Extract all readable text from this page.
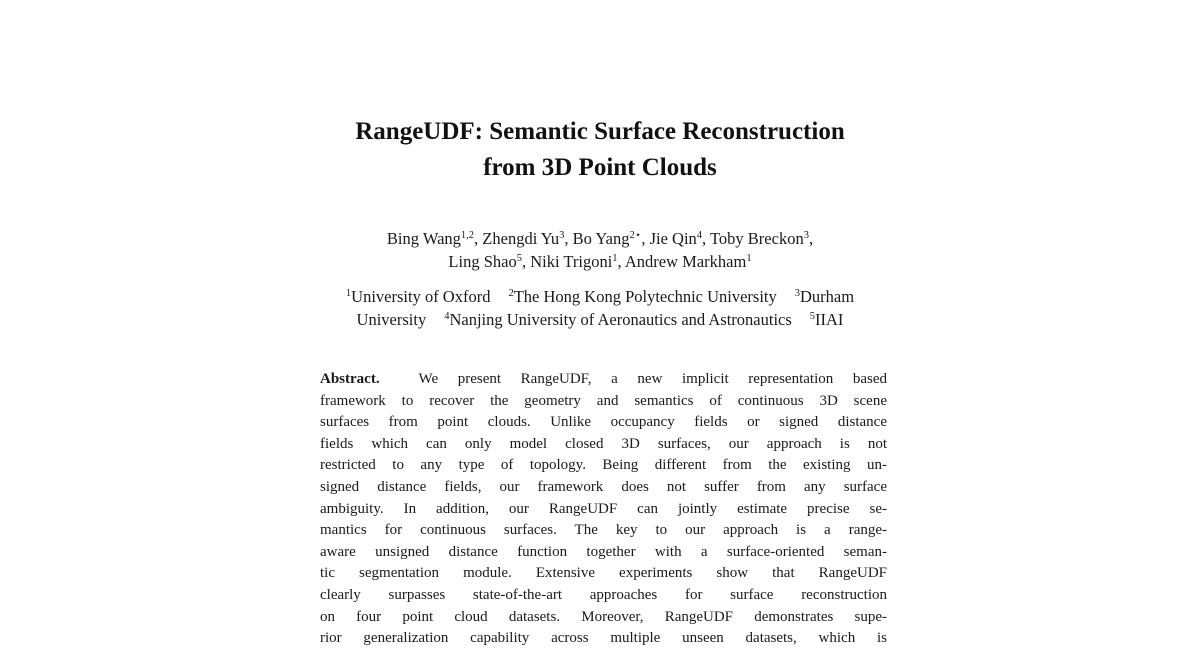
RangeUDF: Semantic Surface Reconstruction
from 3D Point Clouds
Bing Wang$^{1,2}$, Zhengdi Yu$^3$, Bo Yang$^{2⋆}$, Jie Qin$^4$, Toby Breckon$^3$,
Ling Shao$^5$, Niki Trigoni$^1$, Andrew Markham$^1$
$^1$University of Oxford $^2$The Hong Kong Polytechnic University $^3$Durham
University $^4$Nanjing University of Aeronautics and Astronautics $^5$IIAI
Abstract.	We present RangeUDF, a new implicit representation based
framework to recover the geometry and semantics of continuous 3D scene
surfaces from point clouds. Unlike occupancy fields or signed distance
fields which can only model closed 3D surfaces, our approach is not
restricted to any type of topology. Being different from the existing un-
signed distance fields, our framework does not suffer from any surface
ambiguity. In addition, our RangeUDF can jointly estimate precise se-
mantics for continuous surfaces. The key to our approach is a range-
aware unsigned distance function together with a surface-oriented seman-
tic segmentation module. Extensive experiments show that RangeUDF
clearly surpasses state-of-the-art approaches for surface reconstruction
on four point cloud datasets. Moreover, RangeUDF demonstrates supe-
rior generalization capability across multiple unseen datasets, which is
